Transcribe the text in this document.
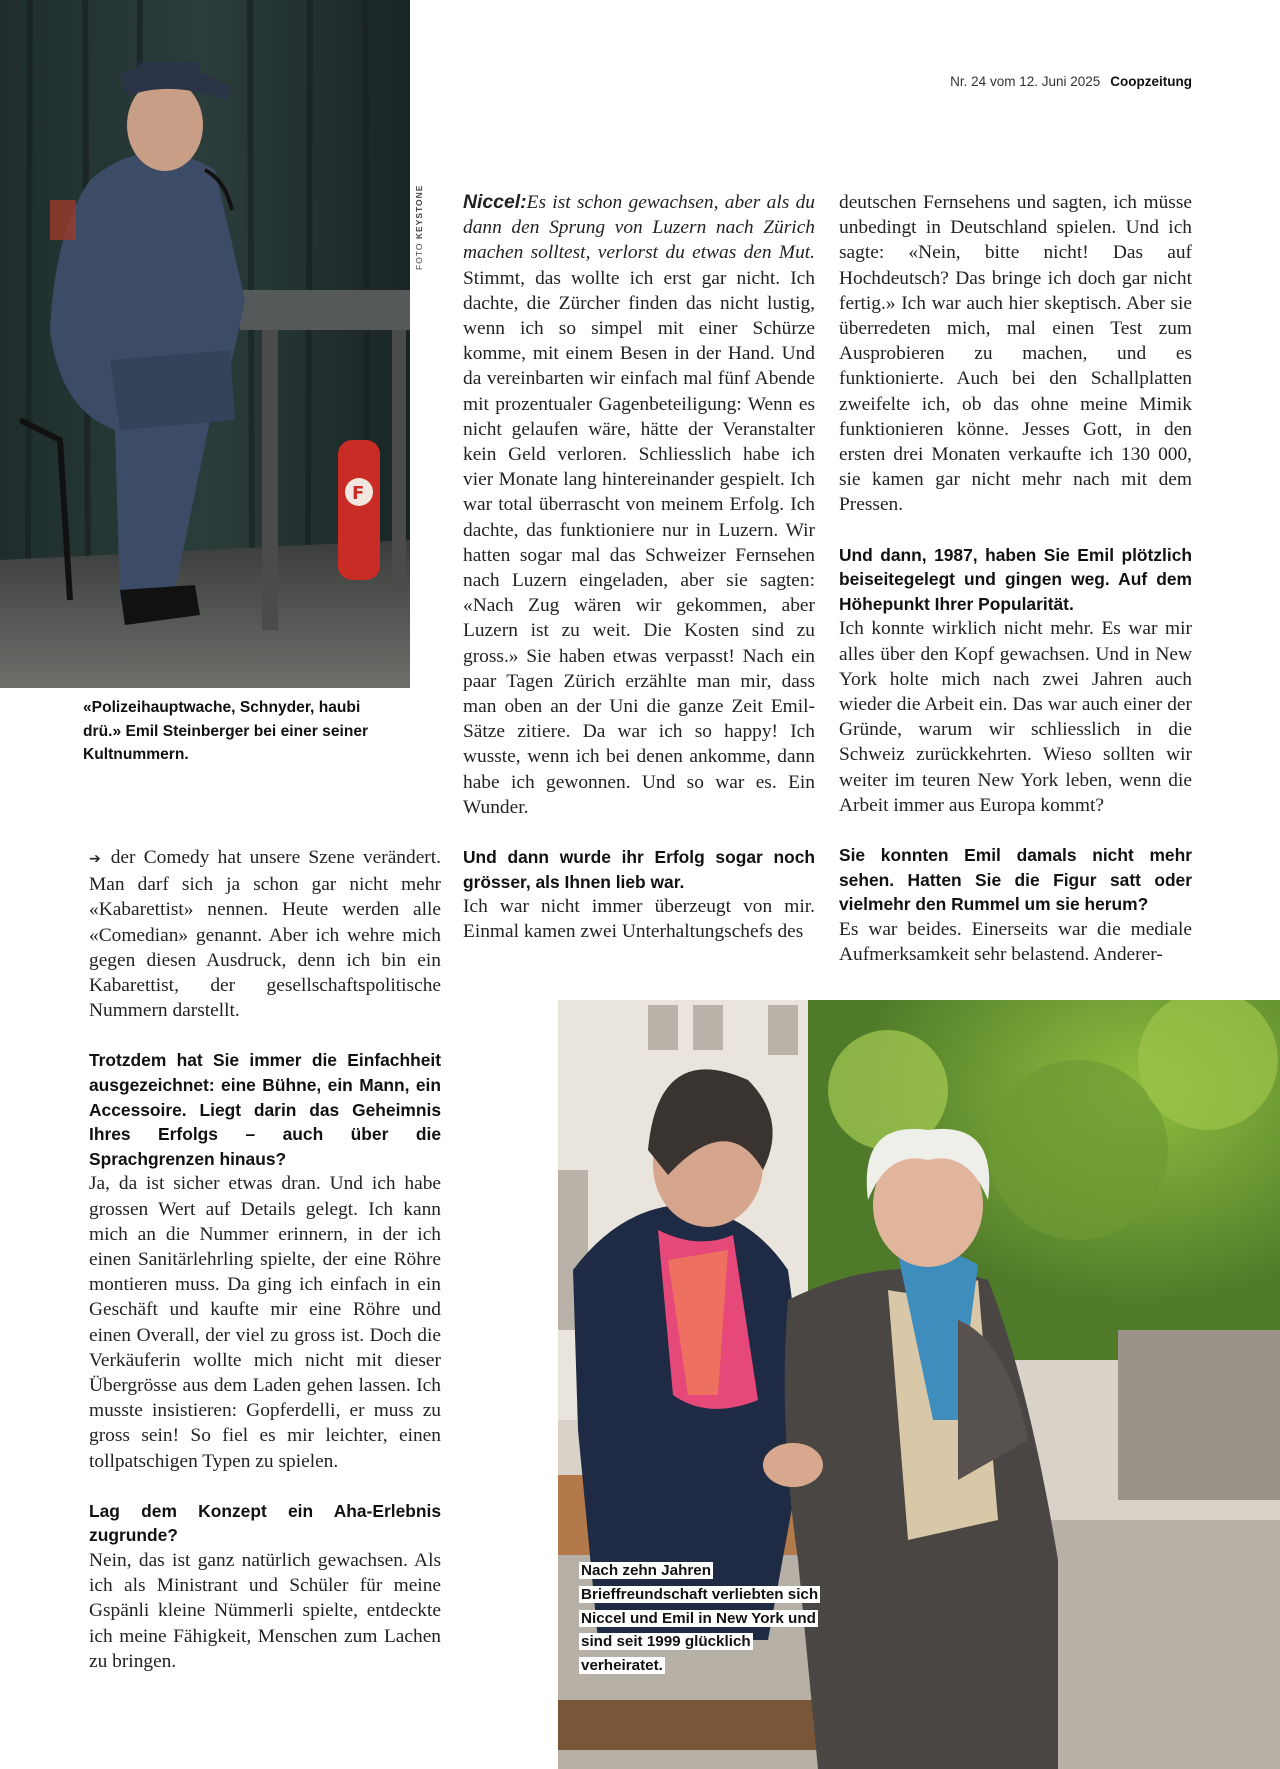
Nr. 24 vom 12. Juni 2025 Coopzeitung
F
FOTO KEYSTONE
«Polizeihauptwache, Schnyder, haubi drü.» Emil Steinberger bei einer seiner Kultnummern.

Niccel:Es ist schon gewachsen, aber als du dann den Sprung von Luzern nach Zürich machen solltest, verlorst du etwas den Mut. Stimmt, das wollte ich erst gar nicht. Ich dachte, die Zürcher finden das nicht lustig, wenn ich so simpel mit einer Schürze komme, mit einem Besen in der Hand. Und da vereinbarten wir einfach mal fünf Abende mit prozentualer Gagenbeteiligung: Wenn es nicht gelaufen wäre, hätte der Veranstalter kein Geld verloren. Schliesslich habe ich vier Monate lang hintereinander gespielt. Ich war total überrascht von meinem Erfolg. Ich dachte, das funktioniere nur in Luzern. Wir hatten sogar mal das Schweizer Fernsehen nach Luzern eingeladen, aber sie sagten: «Nach Zug wären wir gekommen, aber Luzern ist zu weit. Die Kosten sind zu gross.» Sie haben etwas verpasst! Nach ein paar Tagen Zürich erzählte man mir, dass man oben an der Uni die ganze Zeit Emil-Sätze zitiere. Da war ich so happy! Ich wusste, wenn ich bei denen ankomme, dann habe ich gewonnen. Und so war es. Ein Wunder.

Und dann wurde ihr Erfolg sogar noch grösser, als Ihnen lieb war.

Ich war nicht immer überzeugt von mir. Einmal kamen zwei Unterhaltungschefs des

deutschen Fernsehens und sagten, ich müsse unbedingt in Deutschland spielen. Und ich sagte: «Nein, bitte nicht! Das auf Hochdeutsch? Das bringe ich doch gar nicht fertig.» Ich war auch hier skeptisch. Aber sie überredeten mich, mal einen Test zum Ausprobieren zu machen, und es funktionierte. Auch bei den Schallplatten zweifelte ich, ob das ohne meine Mimik funktionieren könne. Jesses Gott, in den ersten drei Monaten verkaufte ich 130 000, sie kamen gar nicht mehr nach mit dem Pressen.

Und dann, 1987, haben Sie Emil plötzlich beiseitegelegt und gingen weg. Auf dem Höhepunkt Ihrer Popularität.

Ich konnte wirklich nicht mehr. Es war mir alles über den Kopf gewachsen. Und in New York holte mich nach zwei Jahren auch wieder die Arbeit ein. Das war auch einer der Gründe, warum wir schliesslich in die Schweiz zurückkehrten. Wieso sollten wir weiter im teuren New York leben, wenn die Arbeit immer aus Europa kommt?

Sie konnten Emil damals nicht mehr sehen. Hatten Sie die Figur satt oder vielmehr den Rummel um sie herum?

Es war beides. Einerseits war die mediale Aufmerksamkeit sehr belastend. Anderer-

➔ der Comedy hat unsere Szene verändert. Man darf sich ja schon gar nicht mehr «Kabarettist» nennen. Heute werden alle «Comedian» genannt. Aber ich wehre mich gegen diesen Ausdruck, denn ich bin ein Kabarettist, der gesellschaftspolitische Nummern darstellt.

Trotzdem hat Sie immer die Einfachheit ausgezeichnet: eine Bühne, ein Mann, ein Accessoire. Liegt darin das Geheimnis Ihres Erfolgs – auch über die Sprachgrenzen hinaus?

Ja, da ist sicher etwas dran. Und ich habe grossen Wert auf Details gelegt. Ich kann mich an die Nummer erinnern, in der ich einen Sanitärlehrling spielte, der eine Röhre montieren muss. Da ging ich einfach in ein Geschäft und kaufte mir eine Röhre und einen Overall, der viel zu gross ist. Doch die Verkäuferin wollte mich nicht mit dieser Übergrösse aus dem Laden gehen lassen. Ich musste insistieren: Gopferdelli, er muss zu gross sein! So fiel es mir leichter, einen tollpatschigen Typen zu spielen.

Lag dem Konzept ein Aha-Erlebnis zugrunde?

Nein, das ist ganz natürlich gewachsen. Als ich als Ministrant und Schüler für meine Gspänli kleine Nümmerli spielte, entdeckte ich meine Fähigkeit, Menschen zum Lachen zu bringen.

Nach zehn Jahren Brieffreundschaft verliebten sich Niccel und Emil in New York und sind seit 1999 glücklich verheiratet.
